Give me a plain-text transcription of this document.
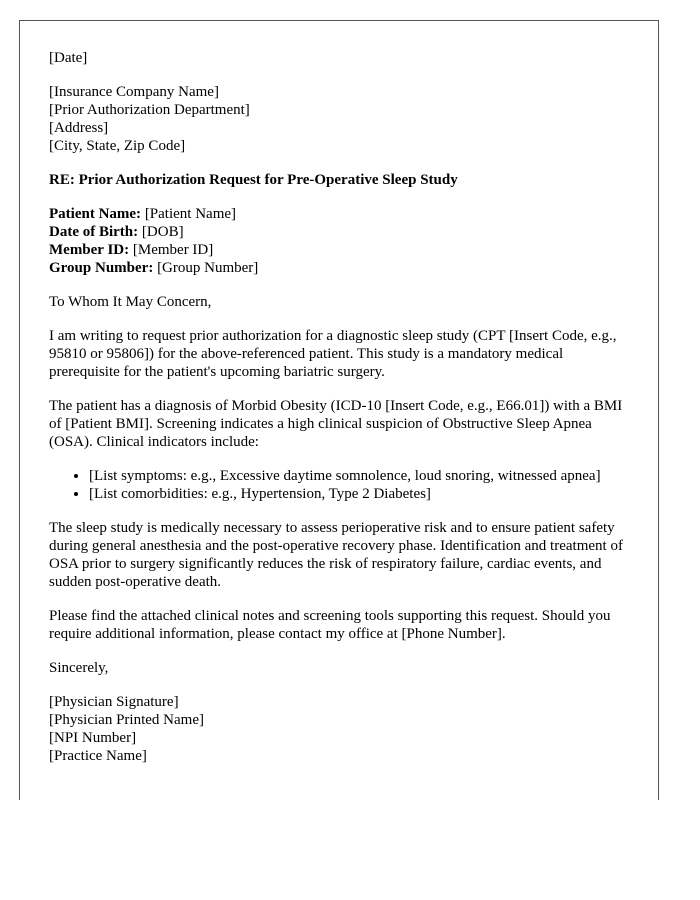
[Date]
[Insurance Company Name]
[Prior Authorization Department]
[Address]
[City, State, Zip Code]
RE: Prior Authorization Request for Pre-Operative Sleep Study
Patient Name: [Patient Name]
Date of Birth: [DOB]
Member ID: [Member ID]
Group Number: [Group Number]

To Whom It May Concern,

I am writing to request prior authorization for a diagnostic sleep study (CPT [Insert Code, e.g., 95810 or 95806]) for the above-referenced patient. This study is a mandatory medical prerequisite for the patient's upcoming bariatric surgery.

The patient has a diagnosis of Morbid Obesity (ICD-10 [Insert Code, e.g., E66.01]) with a BMI of [Patient BMI]. Screening indicates a high clinical suspicion of Obstructive Sleep Apnea (OSA). Clinical indicators include:

• [List symptoms: e.g., Excessive daytime somnolence, loud snoring, witnessed apnea]
• [List comorbidities: e.g., Hypertension, Type 2 Diabetes]

The sleep study is medically necessary to assess perioperative risk and to ensure patient safety during general anesthesia and the post-operative recovery phase. Identification and treatment of OSA prior to surgery significantly reduces the risk of respiratory failure, cardiac events, and sudden post-operative death.

Please find the attached clinical notes and screening tools supporting this request. Should you require additional information, please contact my office at [Phone Number].

Sincerely,

[Physician Signature]
[Physician Printed Name]
[NPI Number]
[Practice Name]
